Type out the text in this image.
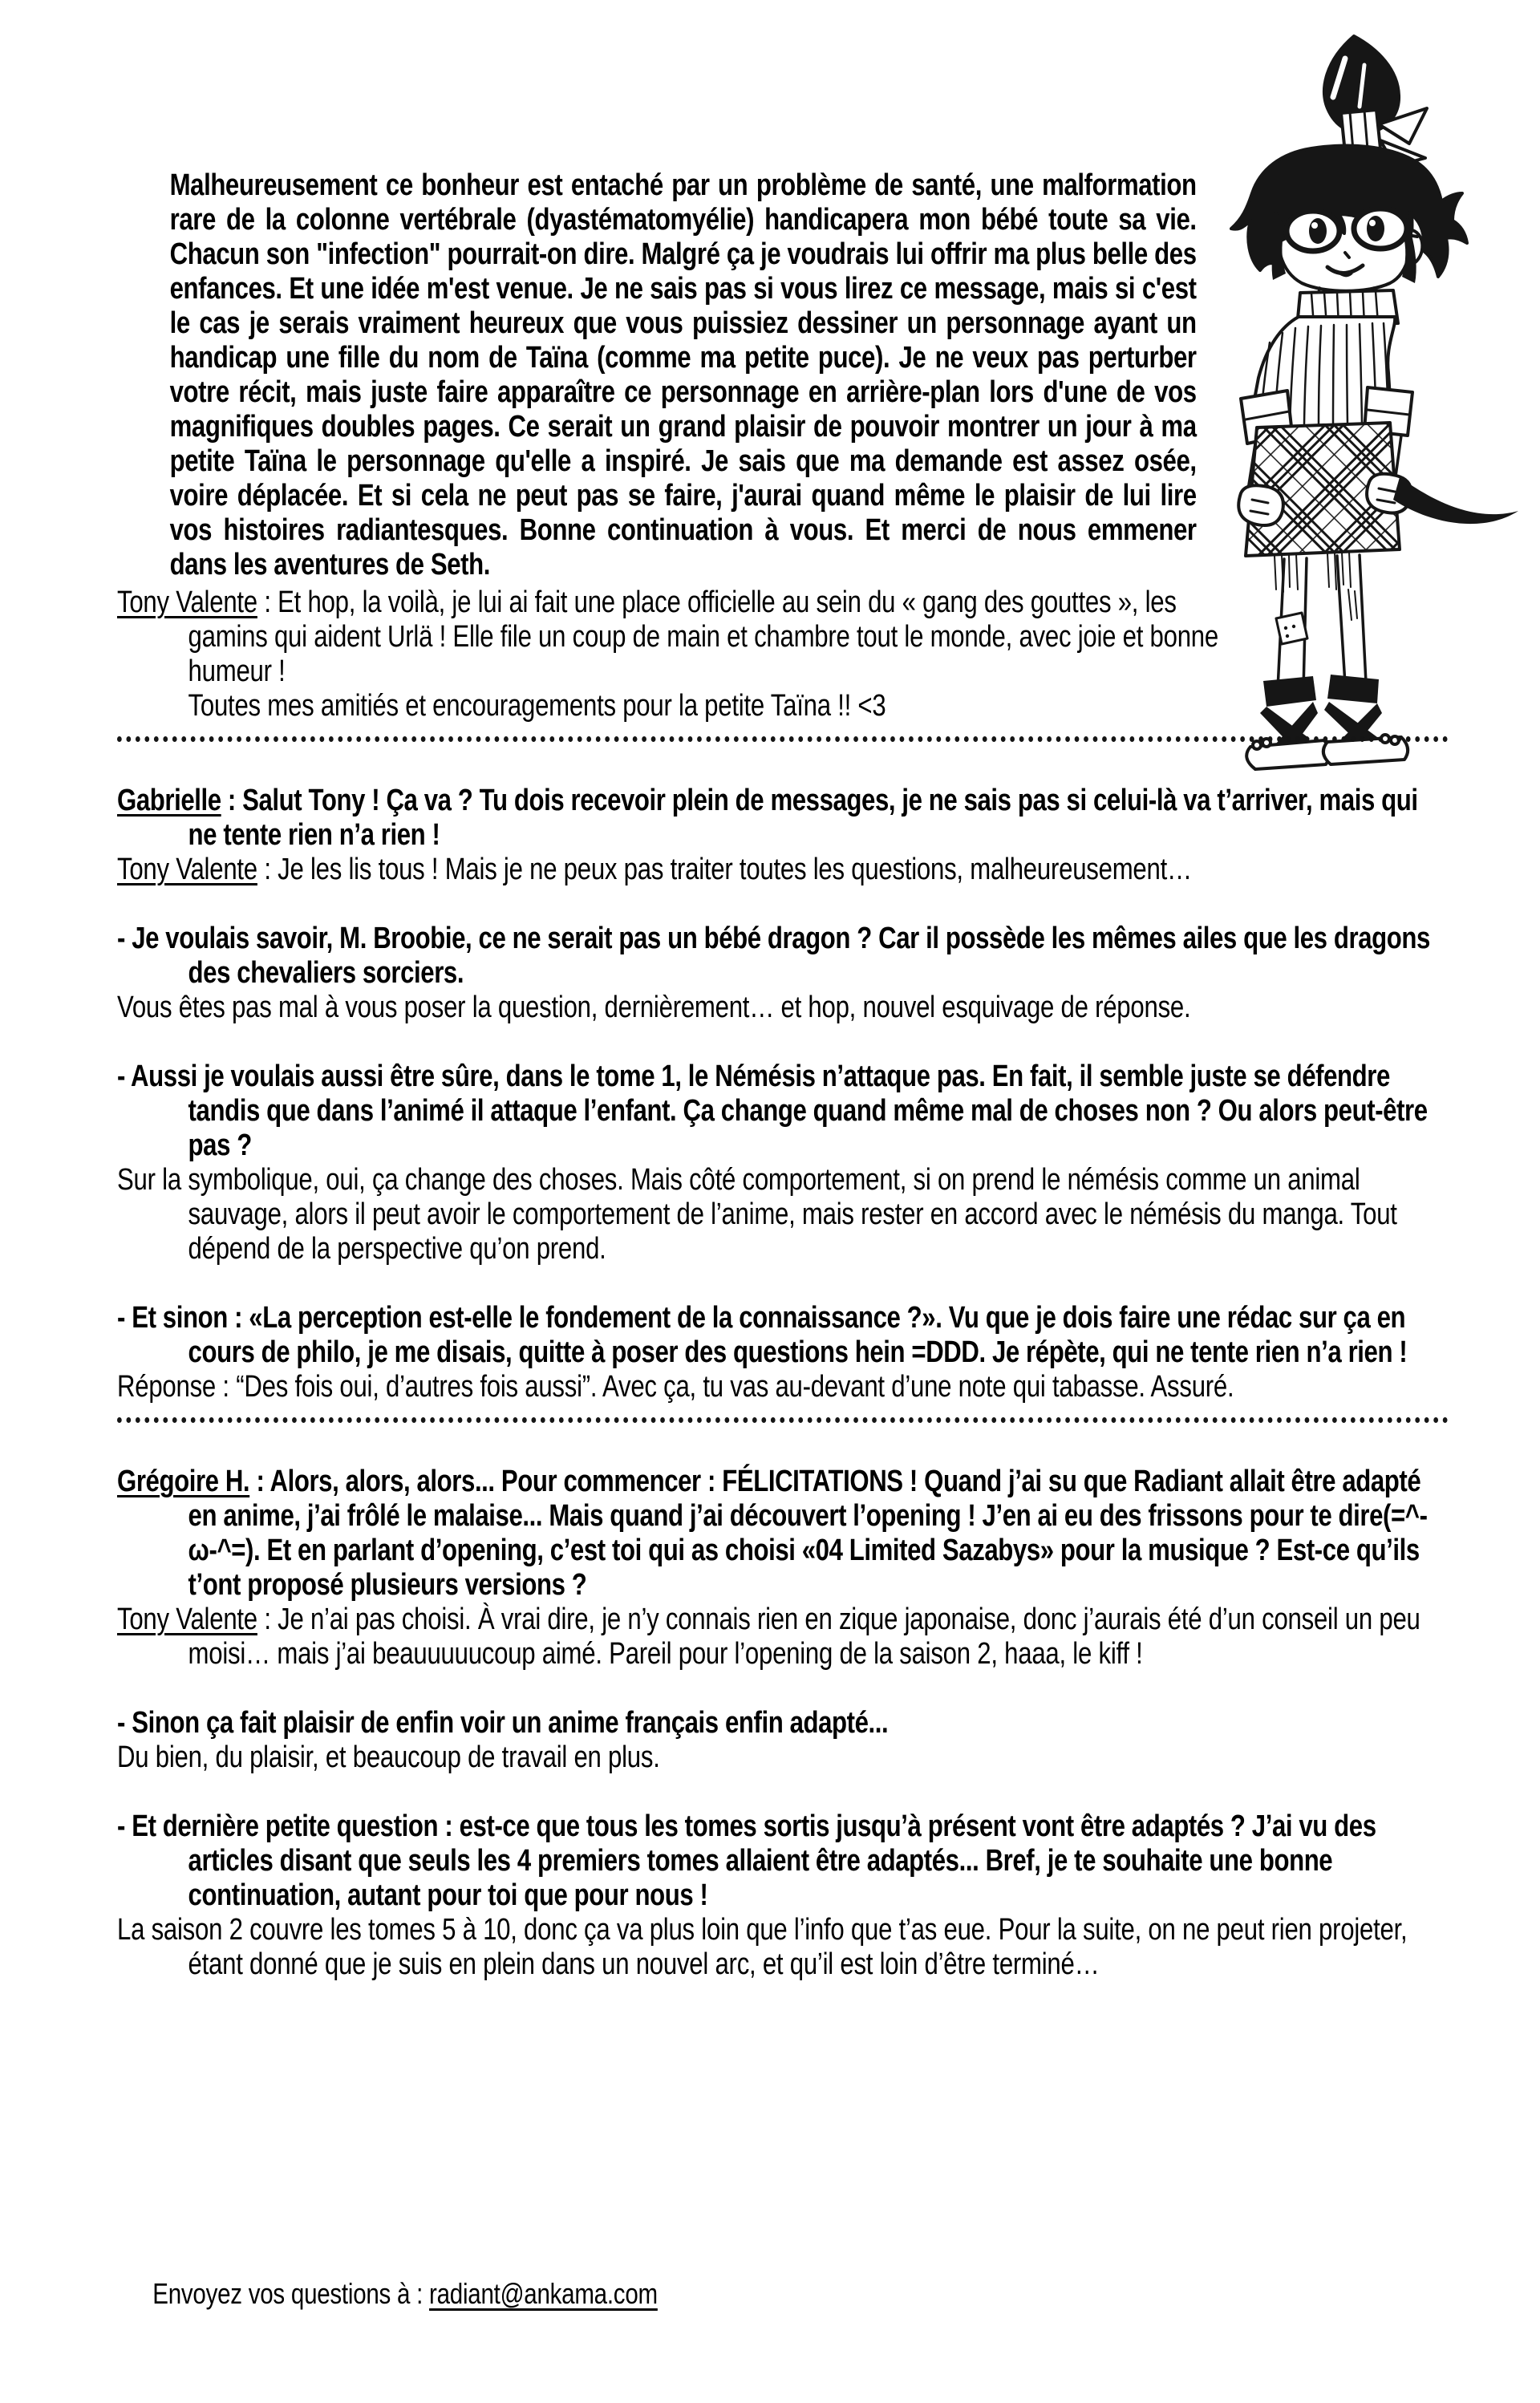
Malheureusement ce bonheur est entaché par un problème de santé, une malformation rare de la colonne vertébrale (dyastématomyélie) handicapera mon bébé toute sa vie. Chacun son "infection" pourrait-on dire. Malgré ça je voudrais lui offrir ma plus belle des enfances. Et une idée m'est venue. Je ne sais pas si vous lirez ce message, mais si c'est le cas je serais vraiment heureux que vous puissiez dessiner un personnage ayant un handicap une fille du nom de Taïna (comme ma petite puce). Je ne veux pas perturber votre récit, mais juste faire apparaître ce personnage en arrière-plan lors d'une de vos magnifiques doubles pages. Ce serait un grand plaisir de pouvoir montrer un jour à ma petite Taïna le personnage qu'elle a inspiré. Je sais que ma demande est assez osée, voire déplacée. Et si cela ne peut pas se faire, j'aurai quand même le plaisir de lui lire vos histoires radiantesques. Bonne continuation à vous. Et merci de nous emmener dans les aventures de Seth.
Tony Valente : Et hop, la voilà, je lui ai fait une place officielle au sein du « gang des gouttes », les gamins qui aident Urlä ! Elle file un coup de main et chambre tout le monde, avec joie et bonne humeur !
Toutes mes amitiés et encouragements pour la petite Taïna !! <3
Gabrielle : Salut Tony ! Ça va ? Tu dois recevoir plein de messages, je ne sais pas si celui-là va t’arriver, mais qui ne tente rien n’a rien !
Tony Valente : Je les lis tous ! Mais je ne peux pas traiter toutes les questions, malheureusement…
- Je voulais savoir, M. Broobie, ce ne serait pas un bébé dragon ? Car il possède les mêmes ailes que les dragons des chevaliers sorciers.
Vous êtes pas mal à vous poser la question, dernièrement… et hop, nouvel esquivage de réponse.
- Aussi je voulais aussi être sûre, dans le tome 1, le Némésis n’attaque pas. En fait, il semble juste se défendre tandis que dans l’animé il attaque l’enfant. Ça change quand même mal de choses non ? Ou alors peut-être pas ?
Sur la symbolique, oui, ça change des choses. Mais côté comportement, si on prend le némésis comme un animal sauvage, alors il peut avoir le comportement de l’anime, mais rester en accord avec le némésis du manga. Tout dépend de la perspective qu’on prend.
- Et sinon : «La perception est-elle le fondement de la connaissance ?». Vu que je dois faire une rédac sur ça en cours de philo, je me disais, quitte à poser des questions hein =DDD. Je répète, qui ne tente rien n’a rien !
Réponse : “Des fois oui, d’autres fois aussi”. Avec ça, tu vas au-devant d’une note qui tabasse. Assuré.
Grégoire H. : Alors, alors, alors... Pour commencer : FÉLICITATIONS ! Quand j’ai su que Radiant allait être adapté en anime, j’ai frôlé le malaise... Mais quand j’ai découvert l’opening ! J’en ai eu des frissons pour te dire(=^-ω-^=). Et en parlant d’opening, c’est toi qui as choisi «04 Limited Sazabys» pour la musique ? Est-ce qu’ils t’ont proposé plusieurs versions ?
Tony Valente : Je n’ai pas choisi. À vrai dire, je n’y connais rien en zique japonaise, donc j’aurais été d’un conseil un peu moisi… mais j’ai beauuuuucoup aimé. Pareil pour l’opening de la saison 2, haaa, le kiff !
- Sinon ça fait plaisir de enfin voir un anime français enfin adapté...
Du bien, du plaisir, et beaucoup de travail en plus.
- Et dernière petite question : est-ce que tous les tomes sortis jusqu’à présent vont être adaptés ? J’ai vu des articles disant que seuls les 4 premiers tomes allaient être adaptés... Bref, je te souhaite une bonne continuation, autant pour toi que pour nous !
La saison 2 couvre les tomes 5 à 10, donc ça va plus loin que l’info que t’as eue. Pour la suite, on ne peut rien projeter, étant donné que je suis en plein dans un nouvel arc, et qu’il est loin d’être terminé…
Envoyez vos questions à : radiant@ankama.com
